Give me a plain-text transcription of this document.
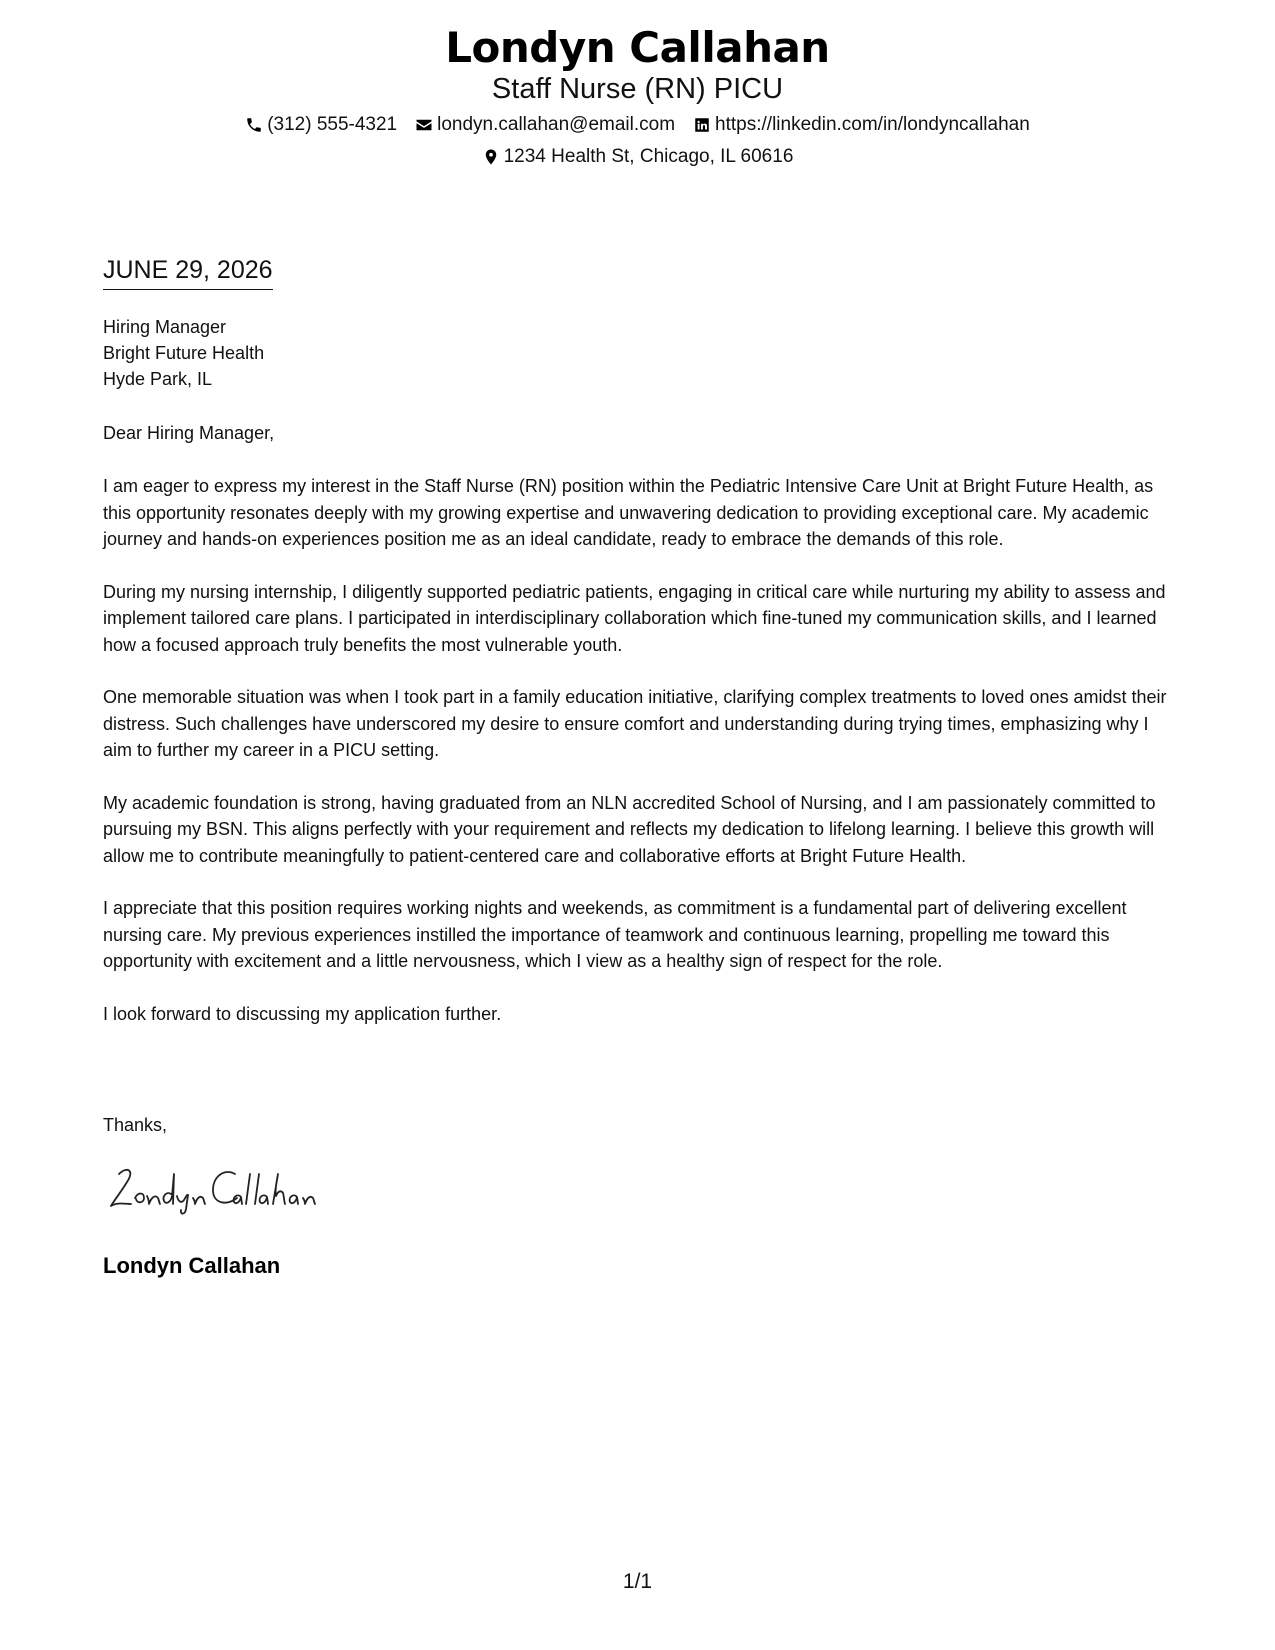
Londyn Callahan
Staff Nurse (RN) PICU
(312) 555-4321 londyn.callahan@email.com https://linkedin.com/in/londyncallahan
1234 Health St, Chicago, IL 60616
JUNE 29, 2026
Hiring Manager
Bright Future Health
Hyde Park, IL
Dear Hiring Manager,

I am eager to express my interest in the Staff Nurse (RN) position within the Pediatric Intensive Care Unit at Bright Future Health, as this opportunity resonates deeply with my growing expertise and unwavering dedication to providing exceptional care. My academic journey and hands-on experiences position me as an ideal candidate, ready to embrace the demands of this role.

During my nursing internship, I diligently supported pediatric patients, engaging in critical care while nurturing my ability to assess and implement tailored care plans. I participated in interdisciplinary collaboration which fine-tuned my communication skills, and I learned how a focused approach truly benefits the most vulnerable youth.

One memorable situation was when I took part in a family education initiative, clarifying complex treatments to loved ones amidst their distress. Such challenges have underscored my desire to ensure comfort and understanding during trying times, emphasizing why I aim to further my career in a PICU setting.

My academic foundation is strong, having graduated from an NLN accredited School of Nursing, and I am passionately committed to pursuing my BSN. This aligns perfectly with your requirement and reflects my dedication to lifelong learning. I believe this growth will allow me to contribute meaningfully to patient-centered care and collaborative efforts at Bright Future Health.

I appreciate that this position requires working nights and weekends, as commitment is a fundamental part of delivering excellent nursing care. My previous experiences instilled the importance of teamwork and continuous learning, propelling me toward this opportunity with excitement and a little nervousness, which I view as a healthy sign of respect for the role.

I look forward to discussing my application further.

Thanks,
Londyn Callahan
1/1
